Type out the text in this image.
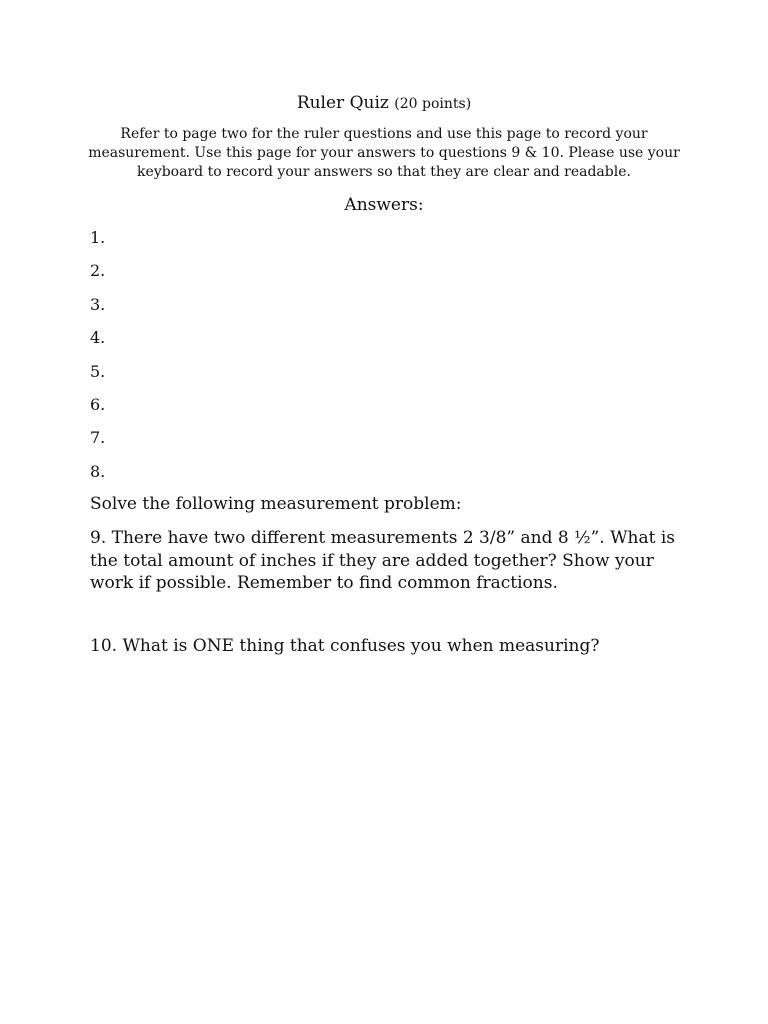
Ruler Quiz (20 points)
Refer to page two for the ruler questions and use this page to record your measurement. Use this page for your answers to questions 9 & 10. Please use your keyboard to record your answers so that they are clear and readable.
Answers:
1.
2.
3.
4.
5.
6.
7.
8.
Solve the following measurement problem:
9. There have two different measurements 2 3/8” and 8 ½”. What is the total amount of inches if they are added together? Show your work if possible. Remember to find common fractions.
10. What is ONE thing that confuses you when measuring?
